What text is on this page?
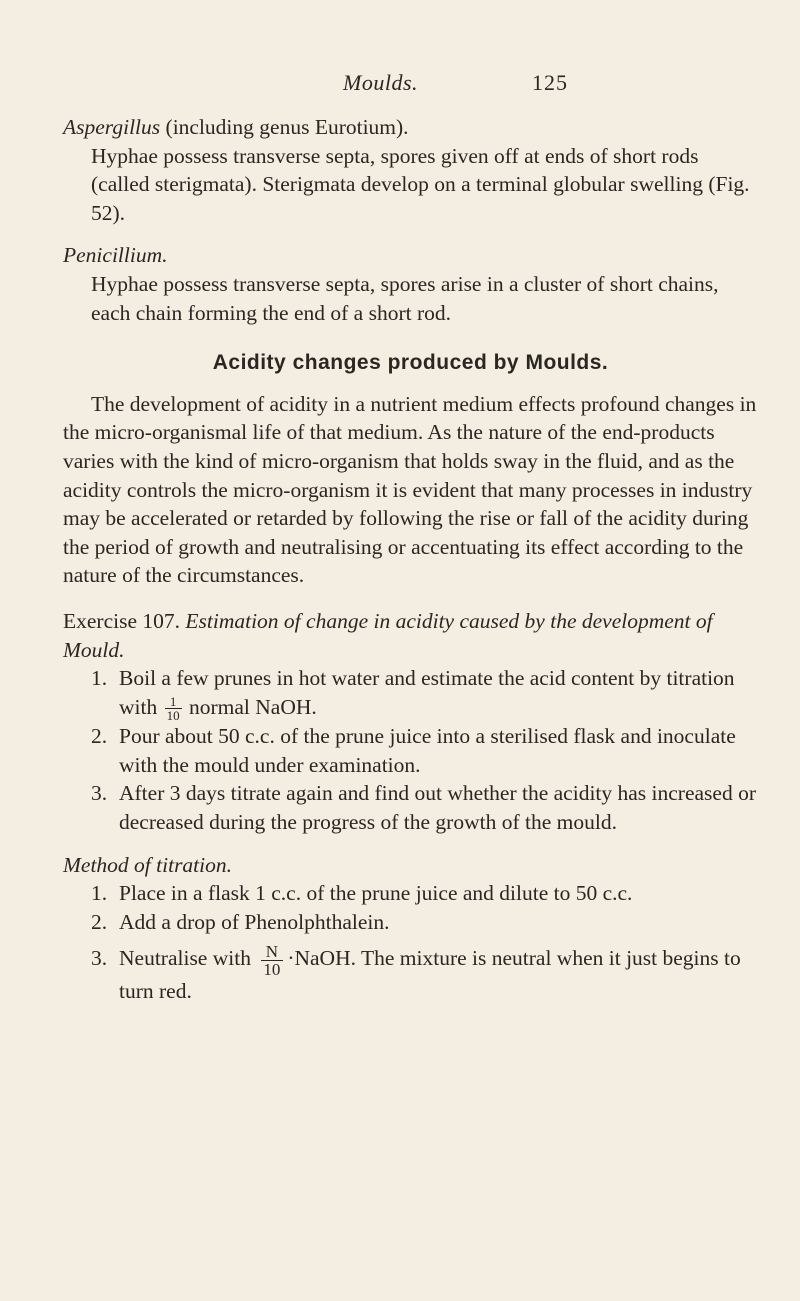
Moulds.	125

Aspergillus (including genus Eurotium).

Hyphae possess transverse septa, spores given off at ends of short rods (called sterigmata). Sterigmata develop on a terminal globular swelling (Fig. 52).

Penicillium.

Hyphae possess transverse septa, spores arise in a cluster of short chains, each chain forming the end of a short rod.

Acidity changes produced by Moulds.

The development of acidity in a nutrient medium effects profound changes in the micro-organismal life of that medium. As the nature of the end-products varies with the kind of micro-organism that holds sway in the fluid, and as the acidity controls the micro-organism it is evident that many processes in industry may be accelerated or retarded by following the rise or fall of the acidity during the period of growth and neutralising or accentuating its effect according to the nature of the circumstances.

Exercise 107. Estimation of change in acidity caused by the development of Mould.

1. Boil a few prunes in hot water and estimate the acid content by titration with $\frac{1}{10}$ normal NaOH.
2. Pour about 50 c.c. of the prune juice into a sterilised flask and inoculate with the mould under examination.
3. After 3 days titrate again and find out whether the acidity has increased or decreased during the progress of the growth of the mould.

Method of titration.

1. Place in a flask 1 c.c. of the prune juice and dilute to 50 c.c.
2. Add a drop of Phenolphthalein.
3. Neutralise with $\frac{N}{10}$ ·NaOH. The mixture is neutral when it just begins to turn red.
